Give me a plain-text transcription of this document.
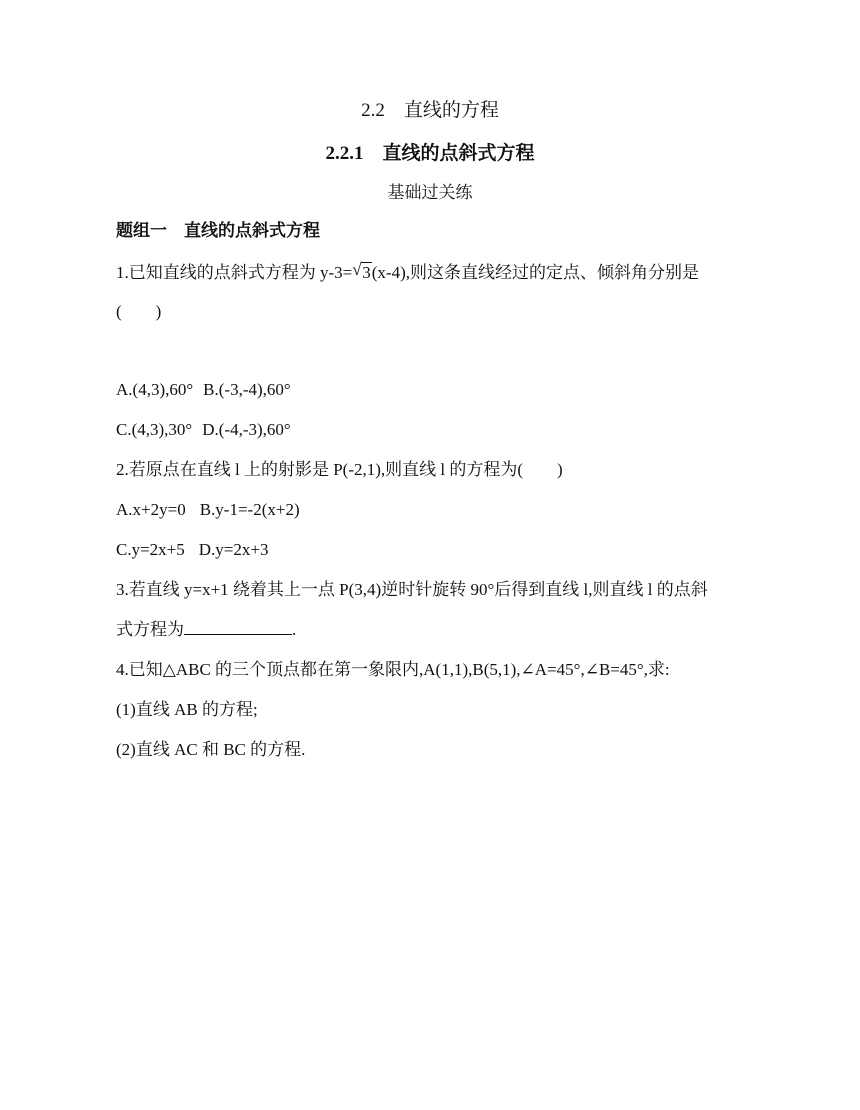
2.2　直线的方程
2.2.1　直线的点斜式方程
基础过关练
题组一　直线的点斜式方程
1.已知直线的点斜式方程为 y-3= √ 3(x-4),则这条直线经过的定点、倾斜角分别是
(　　)
A.(4,3),60° B.(-3,-4),60°
C.(4,3),30° D.(-4,-3),60°
2.若原点在直线 l 上的射影是 P(-2,1),则直线 l 的方程为(　　)
A.x+2y=0 B.y-1=-2(x+2)
C.y=2x+5 D.y=2x+3
3.若直线 y=x+1 绕着其上一点 P(3,4)逆时针旋转 90°后得到直线 l,则直线 l 的点斜
式方程为	.
4.已知△ABC 的三个顶点都在第一象限内,A(1,1),B(5,1),∠A=45°,∠B=45°,求:
(1)直线 AB 的方程;
(2)直线 AC 和 BC 的方程.
